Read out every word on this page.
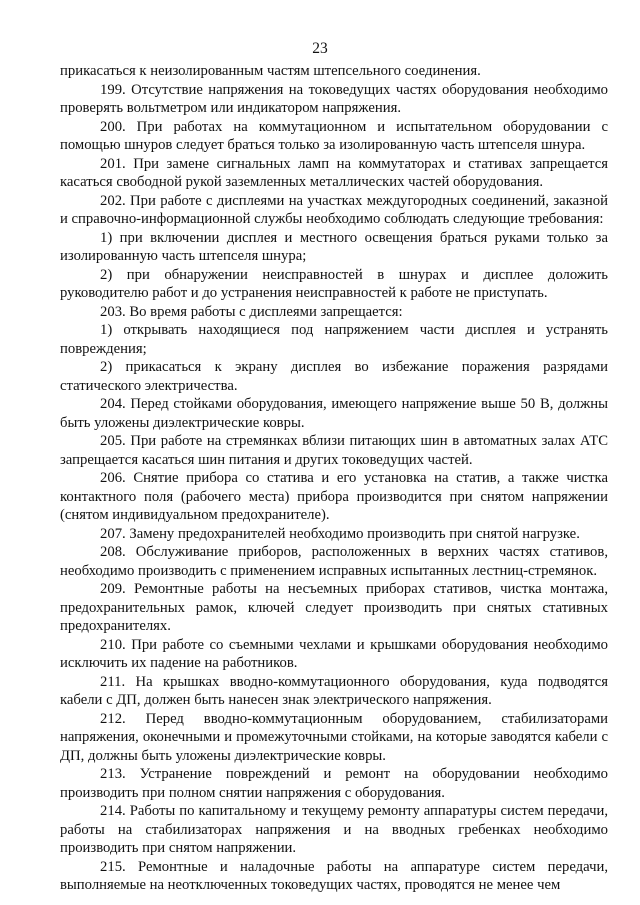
23

прикасаться к неизолированным частям штепсельного соединения.

199. Отсутствие напряжения на токоведущих частях оборудования необходимо проверять вольтметром или индикатором напряжения.

200. При работах на коммутационном и испытательном оборудовании с помощью шнуров следует браться только за изолированную часть штепселя шнура.

201. При замене сигнальных ламп на коммутаторах и стативах запрещается касаться свободной рукой заземленных металлических частей оборудования.

202. При работе с дисплеями на участках междугородных соединений, заказной и справочно-информационной службы необходимо соблюдать следующие требования:

1) при включении дисплея и местного освещения браться руками только за изолированную часть штепселя шнура;

2) при обнаружении неисправностей в шнурах и дисплее доложить руководителю работ и до устранения неисправностей к работе не приступать.

203. Во время работы с дисплеями запрещается:

1) открывать находящиеся под напряжением части дисплея и устранять повреждения;

2) прикасаться к экрану дисплея во избежание поражения разрядами статического электричества.

204. Перед стойками оборудования, имеющего напряжение выше 50 В, должны быть уложены диэлектрические ковры.

205. При работе на стремянках вблизи питающих шин в автоматных залах АТС запрещается касаться шин питания и других токоведущих частей.

206. Снятие прибора со статива и его установка на статив, а также чистка контактного поля (рабочего места) прибора производится при снятом напряжении (снятом индивидуальном предохранителе).

207. Замену предохранителей необходимо производить при снятой нагрузке.

208. Обслуживание приборов, расположенных в верхних частях стативов, необходимо производить с применением исправных испытанных лестниц-стремянок.

209. Ремонтные работы на несъемных приборах стативов, чистка монтажа, предохранительных рамок, ключей следует производить при снятых стативных предохранителях.

210. При работе со съемными чехлами и крышками оборудования необходимо исключить их падение на работников.

211. На крышках вводно-коммутационного оборудования, куда подводятся кабели с ДП, должен быть нанесен знак электрического напряжения.

212. Перед вводно-коммутационным оборудованием, стабилизаторами напряжения, оконечными и промежуточными стойками, на которые заводятся кабели с ДП, должны быть уложены диэлектрические ковры.

213. Устранение повреждений и ремонт на оборудовании необходимо производить при полном снятии напряжения с оборудования.

214. Работы по капитальному и текущему ремонту аппаратуры систем передачи, работы на стабилизаторах напряжения и на вводных гребенках необходимо производить при снятом напряжении.

215. Ремонтные и наладочные работы на аппаратуре систем передачи, выполняемые на неотключенных токоведущих частях, проводятся не менее чем
